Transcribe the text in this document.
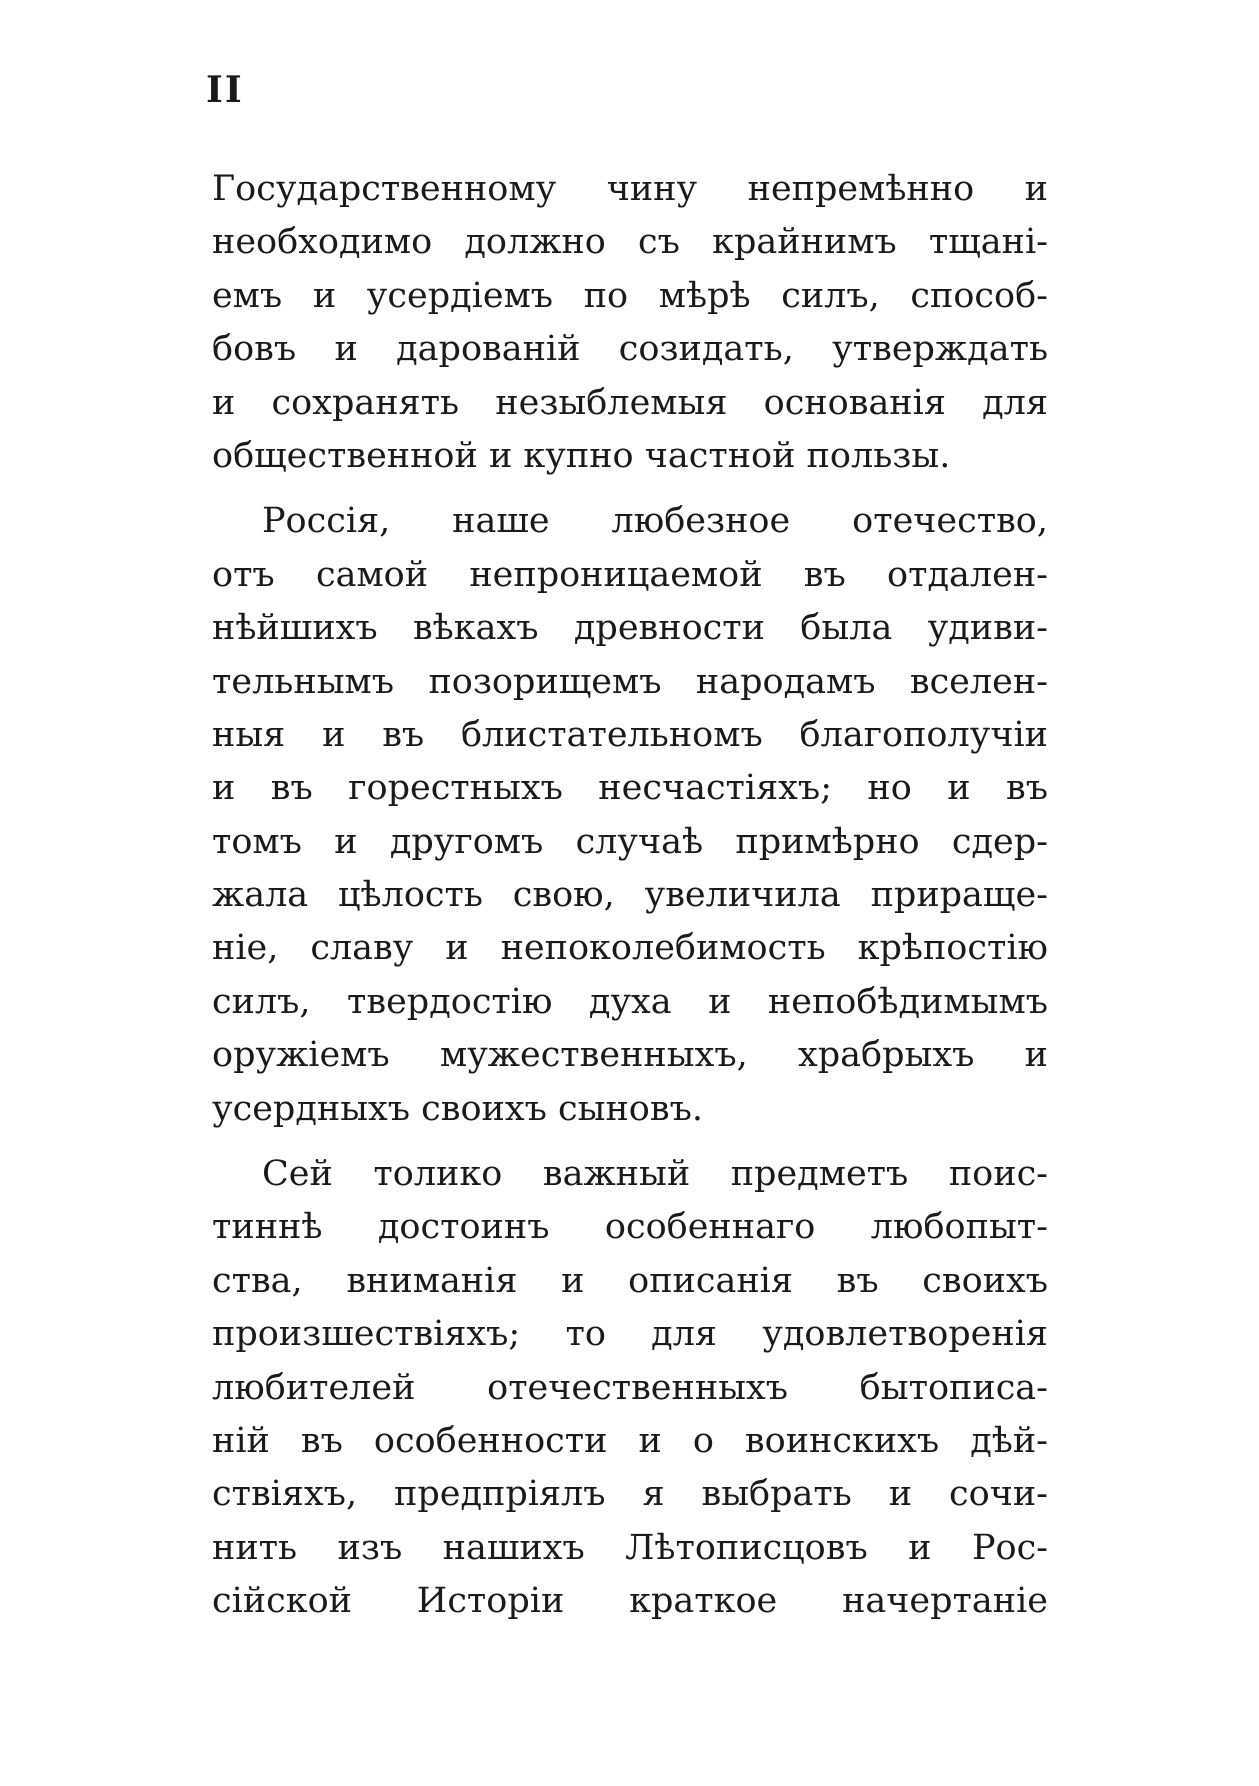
II
Государственному чину непремѣнно и
необходимо должно съ крайнимъ тщані-
емъ и усердіемъ по мѣрѣ силъ, способ-
бовъ и дарованій созидать, утверждать
и сохранять незыблемыя основанія для
общественной и купно частной пользы.
Россія, наше любезное отечество,
отъ самой непроницаемой въ отдален-
нѣйшихъ вѣкахъ древности была удиви-
тельнымъ позорищемъ народамъ вселен-
ныя и въ блистательномъ благополучіи
и въ горестныхъ несчастіяхъ; но и въ
томъ и другомъ случаѣ примѣрно сдер-
жала цѣлость свою, увеличила приращe-
ніе, славу и непоколебимость крѣпостію
силъ, твердостію духа и непобѣдимымъ
оружіемъ мужественныхъ, храбрыхъ и
усердныхъ своихъ сыновъ.
Сей толико важный предметъ поис-
тиннѣ достоинъ особеннаго любопыт-
ства, вниманія и описанія въ своихъ
произшествіяхъ; то для удовлетворенія
любителей отечественныхъ бытописа-
ній въ особенности и о воинскихъ дѣй-
ствіяхъ, предпріялъ я выбрать и сочи-
нить изъ нашихъ Лѣтописцовъ и Рос-
сійской Исторіи краткое начертаніе
